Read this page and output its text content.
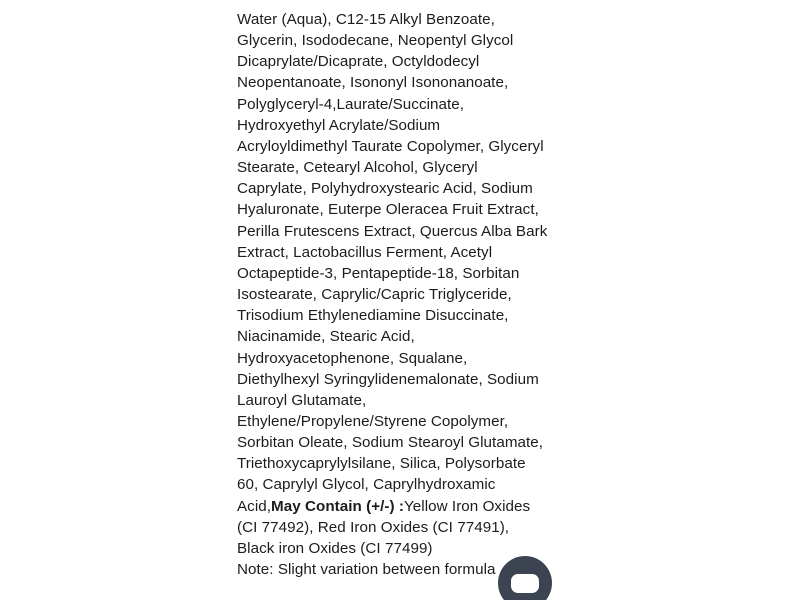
Water (Aqua), C12-15 Alkyl Benzoate, Glycerin, Isododecane, Neopentyl Glycol Dicaprylate/Dicaprate, Octyldodecyl Neopentanoate, Isononyl Isononanoate, Polyglyceryl-4,Laurate/Succinate, Hydroxyethyl Acrylate/Sodium Acryloyldimethyl Taurate Copolymer, Glyceryl Stearate, Cetearyl Alcohol, Glyceryl Caprylate, Polyhydroxystearic Acid, Sodium Hyaluronate, Euterpe Oleracea Fruit Extract, Perilla Frutescens Extract, Quercus Alba Bark Extract, Lactobacillus Ferment, Acetyl Octapeptide-3, Pentapeptide-18, Sorbitan Isostearate, Caprylic/Capric Triglyceride, Trisodium Ethylenediamine Disuccinate, Niacinamide, Stearic Acid, Hydroxyacetophenone, Squalane, Diethylhexyl Syringylidenemalonate, Sodium Lauroyl Glutamate, Ethylene/Propylene/Styrene Copolymer, Sorbitan Oleate, Sodium Stearoyl Glutamate, Triethoxycaprylylsilane, Silica, Polysorbate 60, Caprylyl Glycol, Caprylhydroxamic Acid,May Contain (+/-) :Yellow Iron Oxides (CI 77492), Red Iron Oxides (CI 77491), Black iron Oxides (CI 77499)

Note: Slight variation between formula
